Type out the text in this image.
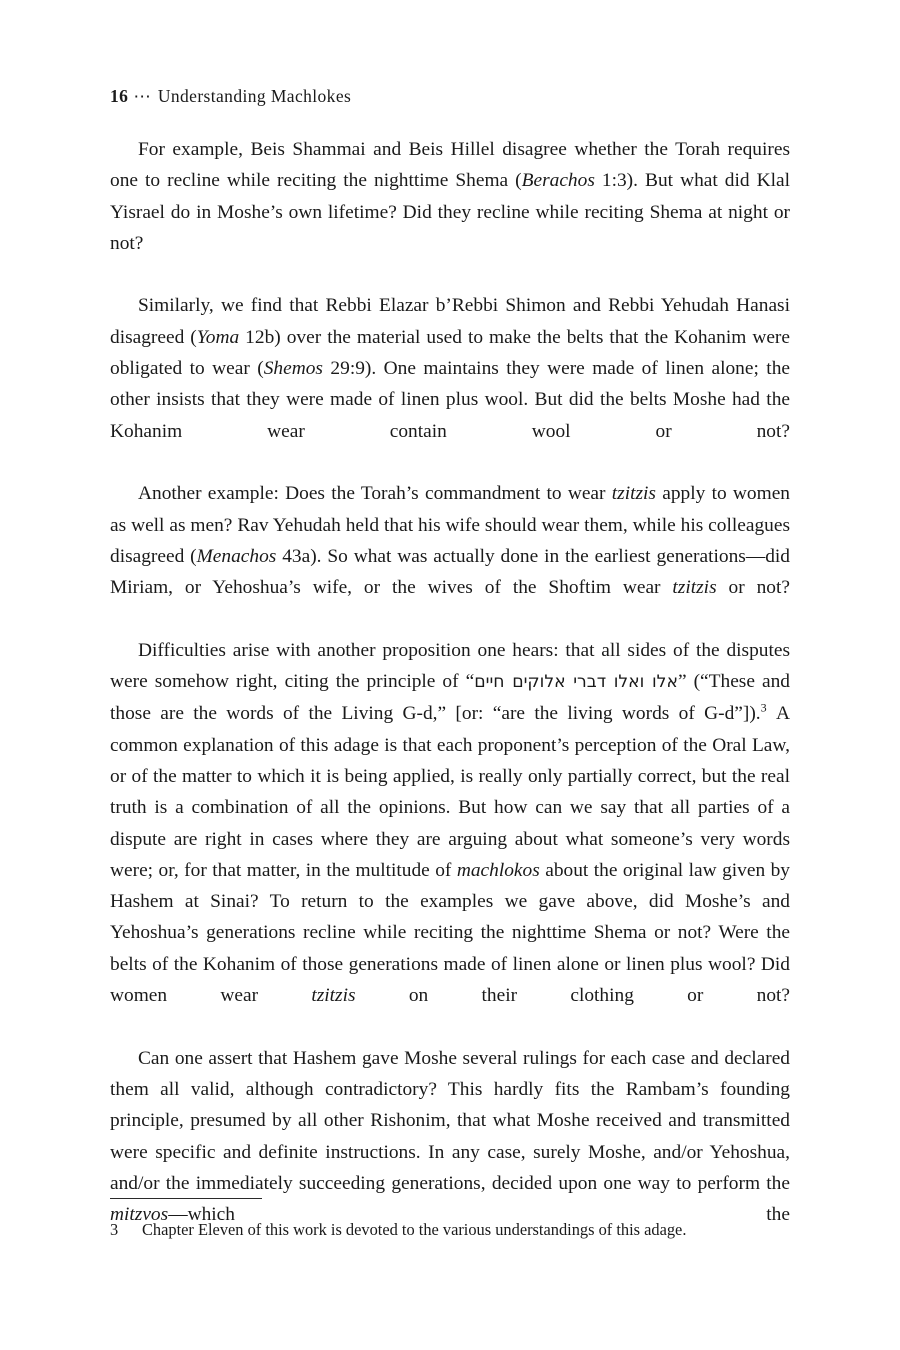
16 ⋯ Understanding Machlokes

For example, Beis Shammai and Beis Hillel disagree whether the Torah requires one to recline while reciting the nighttime Shema (Berachos 1:3). But what did Klal Yisrael do in Moshe’s own lifetime? Did they recline while reciting Shema at night or not?

Similarly, we find that Rebbi Elazar b’Rebbi Shimon and Rebbi Yehudah Hanasi disagreed (Yoma 12b) over the material used to make the belts that the Kohanim were obligated to wear (Shemos 29:9). One maintains they were made of linen alone; the other insists that they were made of linen plus wool. But did the belts Moshe had the Kohanim wear contain wool or not?

Another example: Does the Torah’s commandment to wear tzitzis apply to women as well as men? Rav Yehudah held that his wife should wear them, while his colleagues disagreed (Menachos 43a). So what was actually done in the earliest generations—did Miriam, or Yehoshua’s wife, or the wives of the Shoftim wear tzitzis or not?

Difficulties arise with another proposition one hears: that all sides of the disputes were somehow right, citing the principle of “אלו ואלו דברי אלוקים חיים” (“These and those are the words of the Living G-d,” [or: “are the living words of G-d”]).$^3$ A common explanation of this adage is that each proponent’s perception of the Oral Law, or of the matter to which it is being applied, is really only partially correct, but the real truth is a combination of all the opinions. But how can we say that all parties of a dispute are right in cases where they are arguing about what someone’s very words were; or, for that matter, in the multitude of machlokos about the original law given by Hashem at Sinai? To return to the examples we gave above, did Moshe’s and Yehoshua’s generations recline while reciting the nighttime Shema or not? Were the belts of the Kohanim of those generations made of linen alone or linen plus wool? Did women wear tzitzis on their clothing or not?

Can one assert that Hashem gave Moshe several rulings for each case and declared them all valid, although contradictory? This hardly fits the Rambam’s founding principle, presumed by all other Rishonim, that what Moshe received and transmitted were specific and definite instructions. In any case, surely Moshe, and/or Yehoshua, and/or the immediately succeeding generations, decided upon one way to perform the mitzvos—which the

3	Chapter Eleven of this work is devoted to the various understandings of this adage.
